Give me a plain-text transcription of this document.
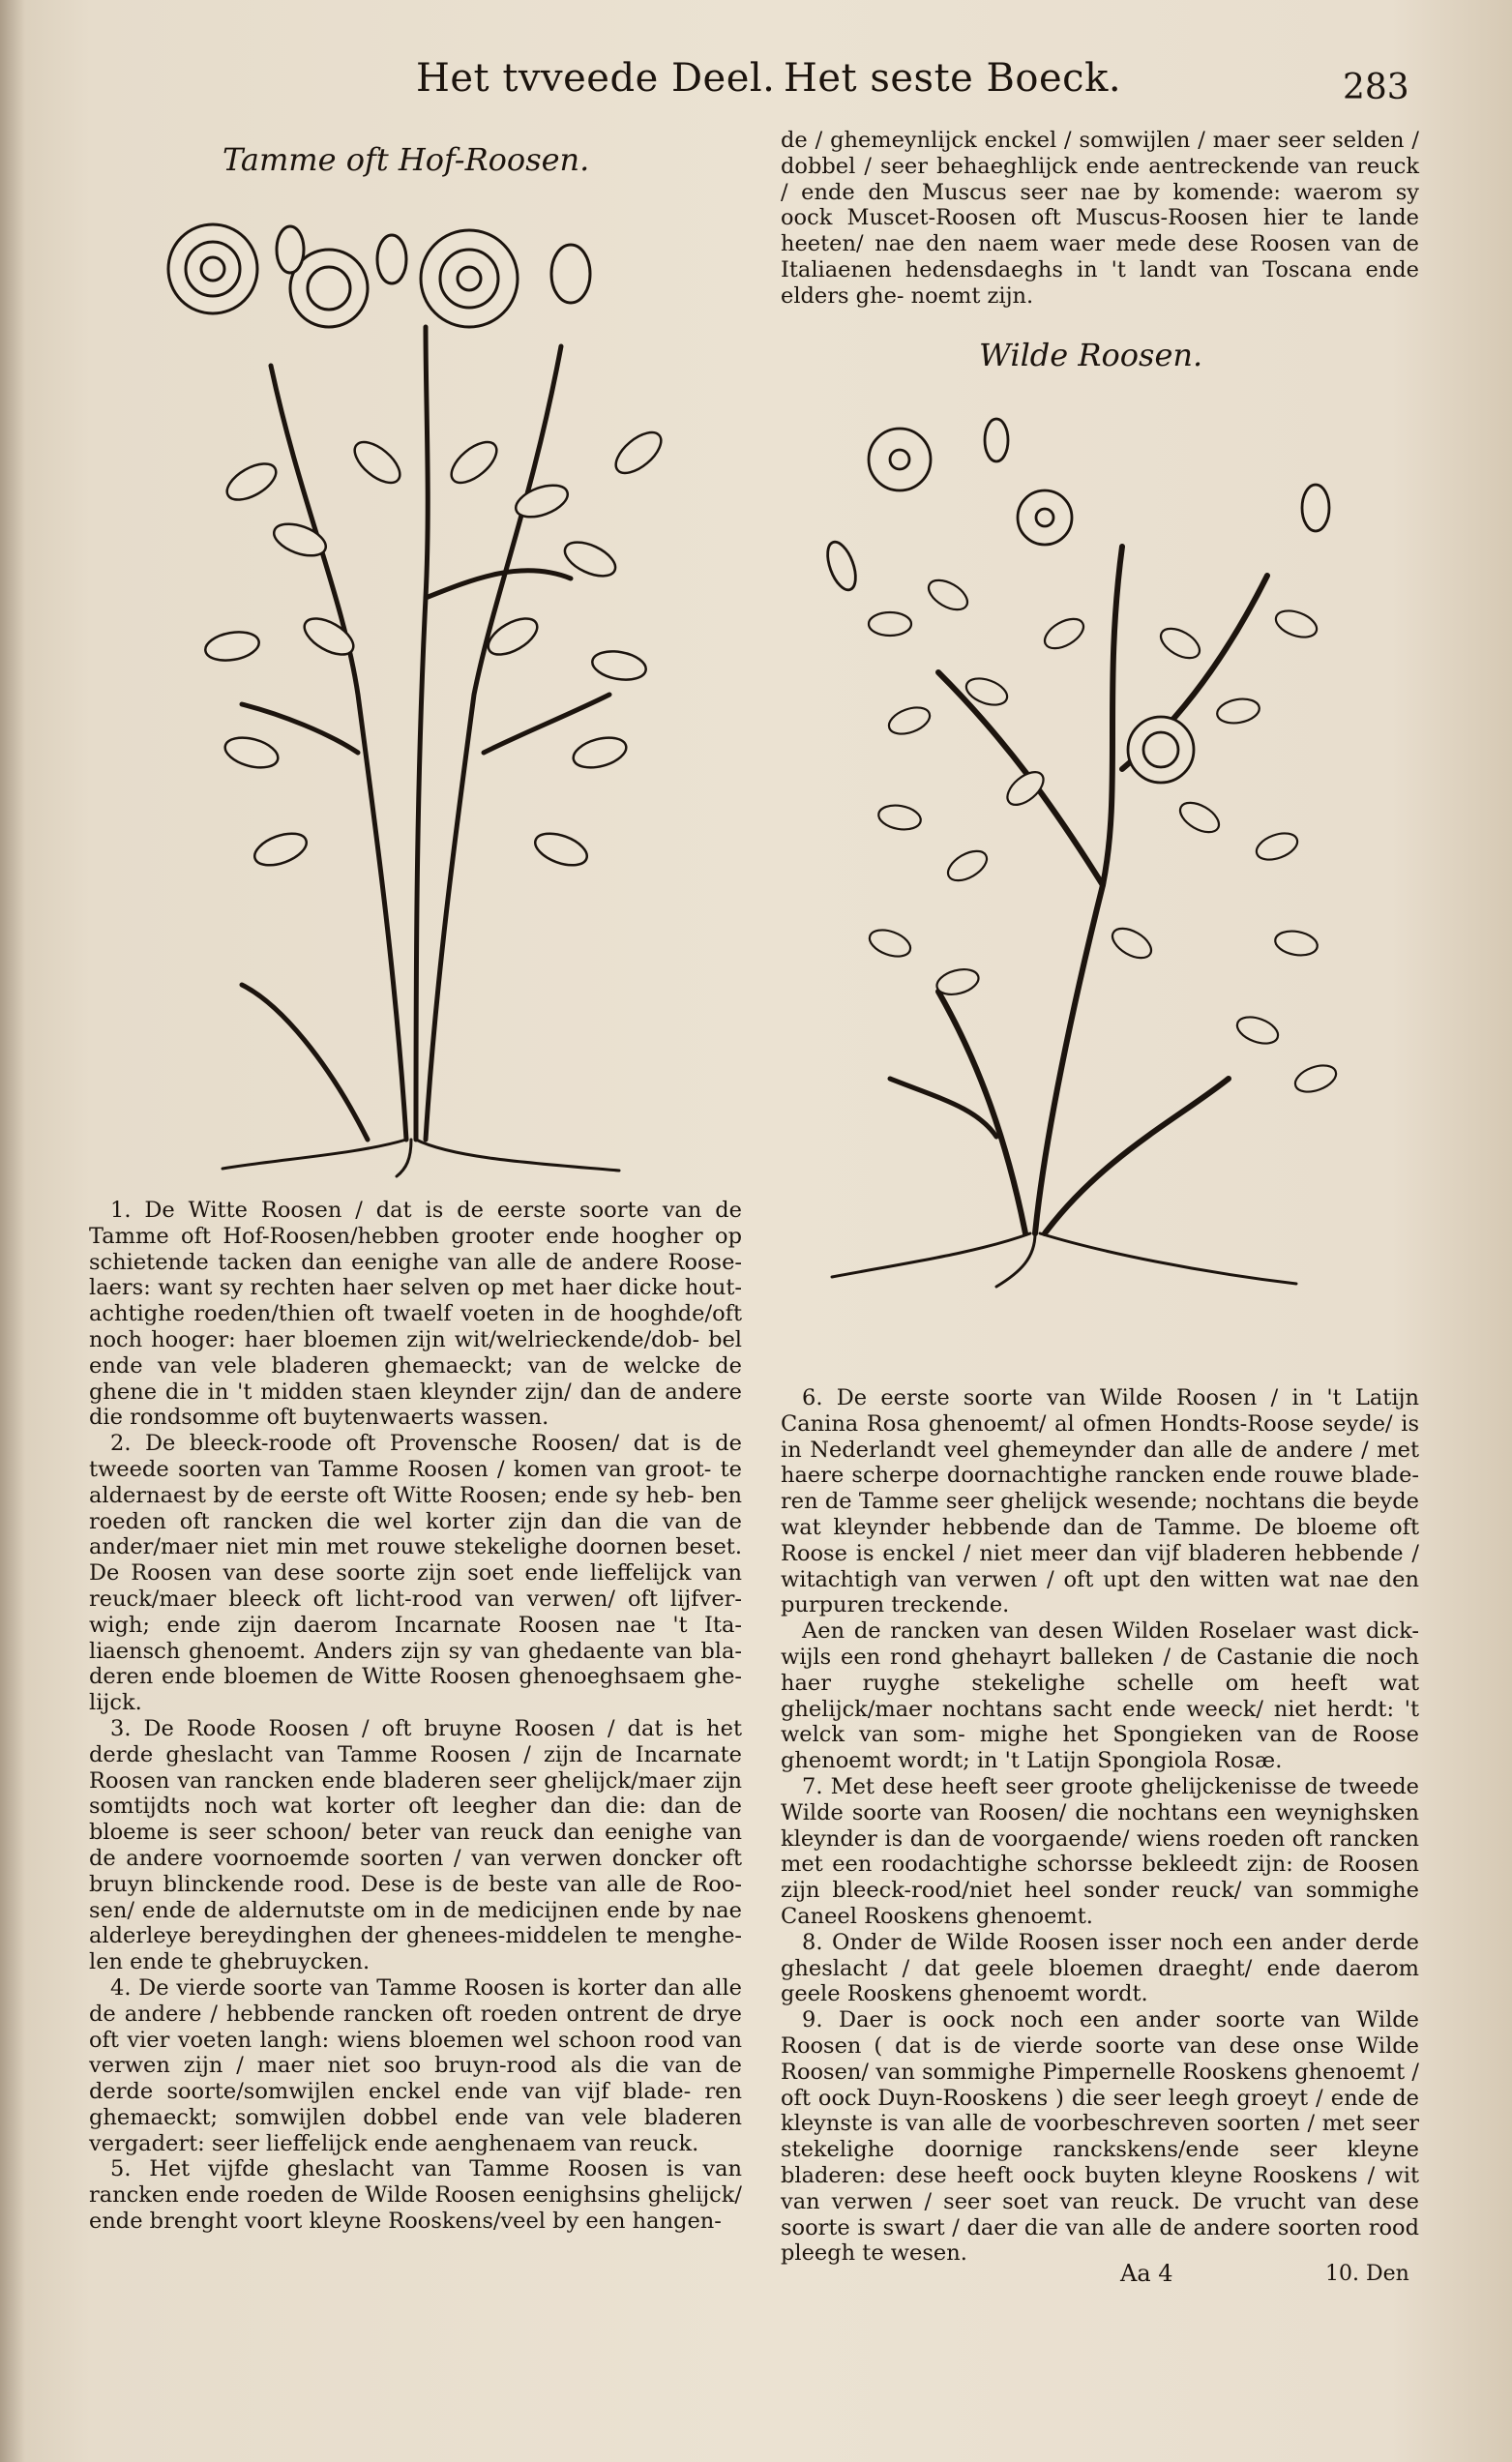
Het tvveede Deel. Het seste Boeck.	283
Tamme oft Hof-Roosen.
Wilde Roosen.

1. De Witte Roosen / dat is de eerste soorte van de Tamme oft Hof-Roosen/hebben grooter ende hoogher op schietende tacken dan eenighe van alle de andere Roose- laers: want sy rechten haer selven op met haer dicke hout- achtighe roeden/thien oft twaelf voeten in de hooghde/oft noch hooger: haer bloemen zijn wit/welrieckende/dob- bel ende van vele bladeren ghemaeckt; van de welcke de ghene die in 't midden staen kleynder zijn/ dan de andere die rondsomme oft buytenwaerts wassen.

2. De bleeck-roode oft Provensche Roosen/ dat is de tweede soorten van Tamme Roosen / komen van groot- te aldernaest by de eerste oft Witte Roosen; ende sy heb- ben roeden oft rancken die wel korter zijn dan die van de ander/maer niet min met rouwe stekelighe doornen beset. De Roosen van dese soorte zijn soet ende lieffelijck van reuck/maer bleeck oft licht-rood van verwen/ oft lijfver- wigh; ende zijn daerom Incarnate Roosen nae 't Ita- liaensch ghenoemt. Anders zijn sy van ghedaente van bla- deren ende bloemen de Witte Roosen ghenoeghsaem ghe- lijck.

3. De Roode Roosen / oft bruyne Roosen / dat is het derde gheslacht van Tamme Roosen / zijn de Incarnate Roosen van rancken ende bladeren seer ghelijck/maer zijn somtijdts noch wat korter oft leegher dan die: dan de bloeme is seer schoon/ beter van reuck dan eenighe van de andere voornoemde soorten / van verwen doncker oft bruyn blinckende rood. Dese is de beste van alle de Roo- sen/ ende de aldernutste om in de medicijnen ende by nae alderleye bereydinghen der ghenees-middelen te menghe- len ende te ghebruycken.

4. De vierde soorte van Tamme Roosen is korter dan alle de andere / hebbende rancken oft roeden ontrent de drye oft vier voeten langh: wiens bloemen wel schoon rood van verwen zijn / maer niet soo bruyn-rood als die van de derde soorte/somwijlen enckel ende van vijf blade- ren ghemaeckt; somwijlen dobbel ende van vele bladeren vergadert: seer lieffelijck ende aenghenaem van reuck.

5. Het vijfde gheslacht van Tamme Roosen is van rancken ende roeden de Wilde Roosen eenighsins ghelijck/ ende brenght voort kleyne Rooskens/veel by een hangen-

de / ghemeynlijck enckel / somwijlen / maer seer selden / dobbel / seer behaeghlijck ende aentreckende van reuck / ende den Muscus seer nae by komende: waerom sy oock Muscet-Roosen oft Muscus-Roosen hier te lande heeten/ nae den naem waer mede dese Roosen van de Italiaenen hedensdaeghs in 't landt van Toscana ende elders ghe- noemt zijn.

6. De eerste soorte van Wilde Roosen / in 't Latijn Canina Rosa ghenoemt/ al ofmen Hondts-Roose seyde/ is in Nederlandt veel ghemeynder dan alle de andere / met haere scherpe doornachtighe rancken ende rouwe blade- ren de Tamme seer ghelijck wesende; nochtans die beyde wat kleynder hebbende dan de Tamme. De bloeme oft Roose is enckel / niet meer dan vijf bladeren hebbende / witachtigh van verwen / oft upt den witten wat nae den purpuren treckende.

Aen de rancken van desen Wilden Roselaer wast dick- wijls een rond ghehayrt balleken / de Castanie die noch haer ruyghe stekelighe schelle om heeft wat ghelijck/maer nochtans sacht ende weeck/ niet herdt: 't welck van som- mighe het Spongieken van de Roose ghenoemt wordt; in 't Latijn Spongiola Rosæ.

7. Met dese heeft seer groote ghelijckenisse de tweede Wilde soorte van Roosen/ die nochtans een weynighsken kleynder is dan de voorgaende/ wiens roeden oft rancken met een roodachtighe schorsse bekleedt zijn: de Roosen zijn bleeck-rood/niet heel sonder reuck/ van sommighe Caneel Rooskens ghenoemt.

8. Onder de Wilde Roosen isser noch een ander derde gheslacht / dat geele bloemen draeght/ ende daerom geele Rooskens ghenoemt wordt.

9. Daer is oock noch een ander soorte van Wilde Roosen ( dat is de vierde soorte van dese onse Wilde Roosen/ van sommighe Pimpernelle Rooskens ghenoemt / oft oock Duyn-Rooskens ) die seer leegh groeyt / ende de kleynste is van alle de voorbeschreven soorten / met seer stekelighe doornige ranckskens/ende seer kleyne bladeren: dese heeft oock buyten kleyne Rooskens / wit van verwen / seer soet van reuck. De vrucht van dese soorte is swart / daer die van alle de andere soorten rood pleegh te wesen.

Aa 4	10. Den
